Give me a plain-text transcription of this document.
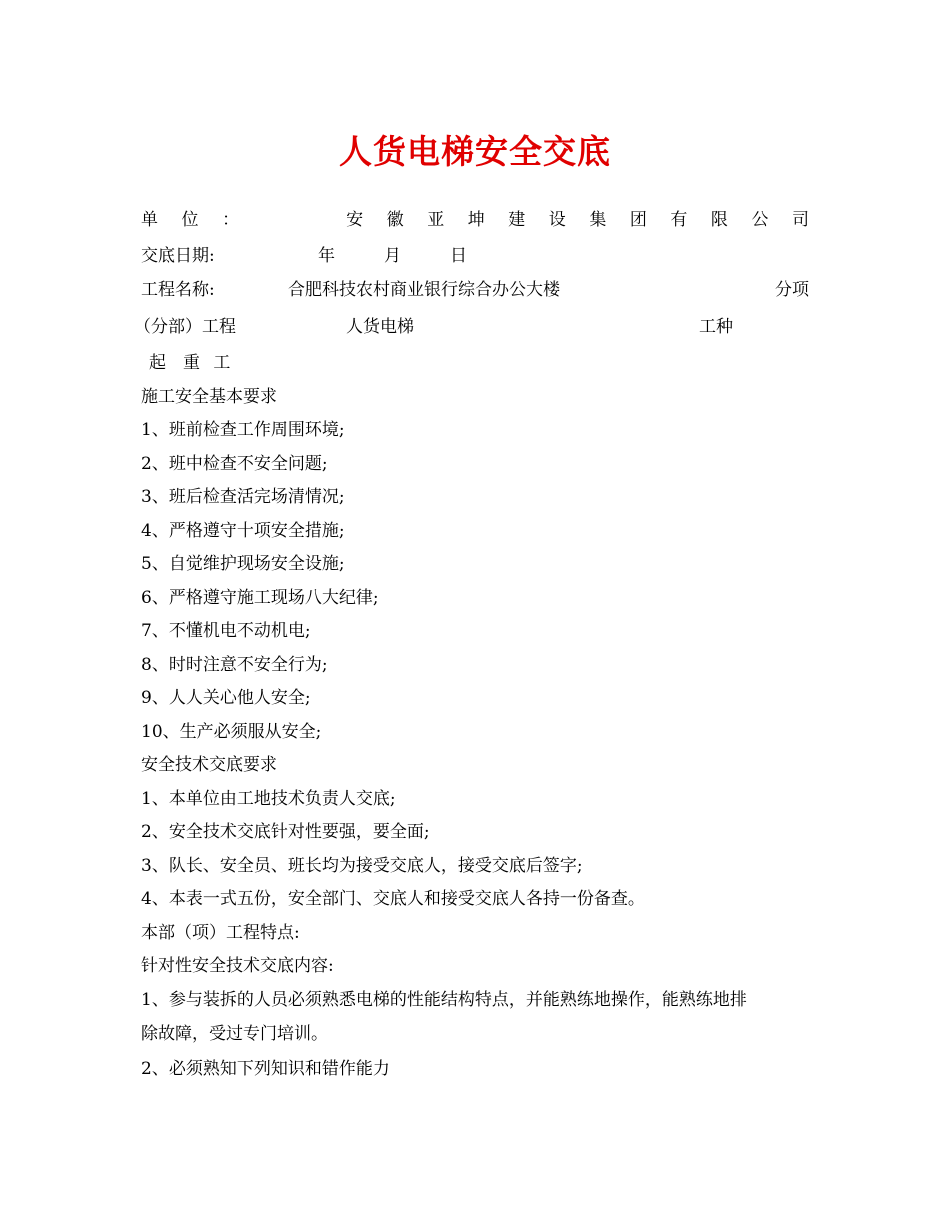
人货电梯安全交底
单 位 ：	安 徽 亚 坤 建 设 集 团 有 限 公 司
交底日期:	年	月	日
工程名称:	合肥科技农村商业银行综合办公大楼	分项
（分部）工程	人货电梯	工种
起　重 工
施工安全基本要求
1、班前检查工作周围环境;
2、班中检查不安全问题;
3、班后检查活完场清情况;
4、严格遵守十项安全措施;
5、自觉维护现场安全设施;
6、严格遵守施工现场八大纪律;
7、不懂机电不动机电;
8、时时注意不安全行为;
9、人人关心他人安全;
10、生产必须服从安全;
安全技术交底要求
1、本单位由工地技术负责人交底;
2、安全技术交底针对性要强，要全面;
3、队长、安全员、班长均为接受交底人，接受交底后签字;
4、本表一式五份，安全部门、交底人和接受交底人各持一份备查。
本部（项）工程特点:
针对性安全技术交底内容:
1、参与装拆的人员必须熟悉电梯的性能结构特点，并能熟练地操作，能熟练地排
除故障，受过专门培训。
2、必须熟知下列知识和错作能力
